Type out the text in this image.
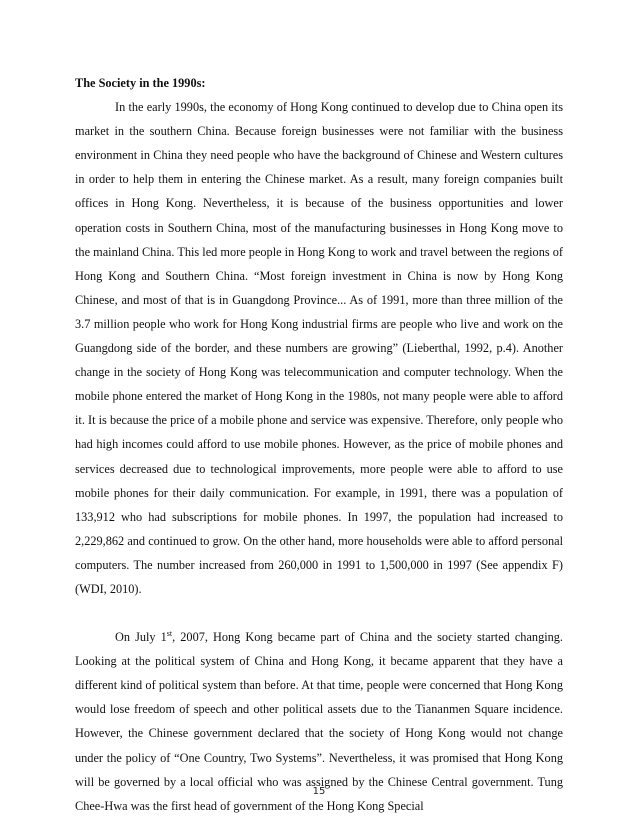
The Society in the 1990s:

In the early 1990s, the economy of Hong Kong continued to develop due to China open its market in the southern China. Because foreign businesses were not familiar with the business environment in China they need people who have the background of Chinese and Western cultures in order to help them in entering the Chinese market. As a result, many foreign companies built offices in Hong Kong. Nevertheless, it is because of the business opportunities and lower operation costs in Southern China, most of the manufacturing businesses in Hong Kong move to the mainland China. This led more people in Hong Kong to work and travel between the regions of Hong Kong and Southern China. “Most foreign investment in China is now by Hong Kong Chinese, and most of that is in Guangdong Province... As of 1991, more than three million of the 3.7 million people who work for Hong Kong industrial firms are people who live and work on the Guangdong side of the border, and these numbers are growing” (Lieberthal, 1992, p.4). Another change in the society of Hong Kong was telecommunication and computer technology. When the mobile phone entered the market of Hong Kong in the 1980s, not many people were able to afford it. It is because the price of a mobile phone and service was expensive. Therefore, only people who had high incomes could afford to use mobile phones. However, as the price of mobile phones and services decreased due to technological improvements, more people were able to afford to use mobile phones for their daily communication. For example, in 1991, there was a population of 133,912 who had subscriptions for mobile phones. In 1997, the population had increased to 2,229,862 and continued to grow. On the other hand, more households were able to afford personal computers. The number increased from 260,000 in 1991 to 1,500,000 in 1997 (See appendix F) (WDI, 2010).

On July 1st, 2007, Hong Kong became part of China and the society started changing. Looking at the political system of China and Hong Kong, it became apparent that they have a different kind of political system than before. At that time, people were concerned that Hong Kong would lose freedom of speech and other political assets due to the Tiananmen Square incidence. However, the Chinese government declared that the society of Hong Kong would not change under the policy of “One Country, Two Systems”. Nevertheless, it was promised that Hong Kong will be governed by a local official who was assigned by the Chinese Central government. Tung Chee-Hwa was the first head of government of the Hong Kong Special

15
